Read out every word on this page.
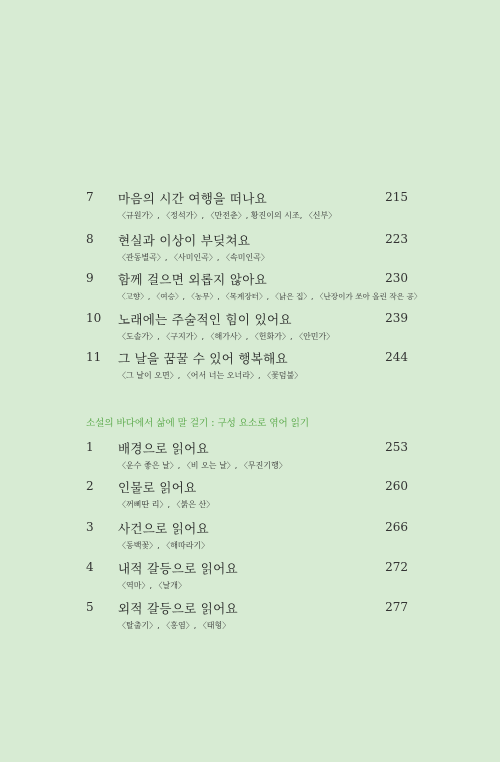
7 마음의 시간 여행을 떠나요	215
〈규원가〉, 〈정석가〉, 〈만전춘〉, 황진이의 시조, 〈신부〉
8 현실과 이상이 부딪쳐요	223
〈관동별곡〉, 〈사미인곡〉, 〈속미인곡〉
9 함께 걸으면 외롭지 않아요	230
〈고향〉, 〈여승〉, 〈농무〉, 〈목계장터〉, 〈낡은 집〉, 〈난장이가 쏘아 올린 작은 공〉
10 노래에는 주술적인 힘이 있어요	239
〈도솔가〉, 〈구지가〉, 〈해가사〉, 〈헌화가〉, 〈안민가〉
11 그 날을 꿈꿀 수 있어 행복해요	244
〈그 날이 오면〉, 〈어서 너는 오너라〉, 〈꽃덤불〉
소설의 바다에서 삶에 말 걸기 : 구성 요소로 엮어 읽기
1 배경으로 읽어요	253
〈운수 좋은 날〉, 〈비 오는 날〉, 〈무진기행〉
2 인물로 읽어요	260
〈꺼삐딴 리〉, 〈붉은 산〉
3 사건으로 읽어요	266
〈동백꽃〉, 〈해따라기〉
4 내적 갈등으로 읽어요	272
〈역마〉, 〈날개〉
5 외적 갈등으로 읽어요	277
〈탈출기〉, 〈홍염〉, 〈태형〉
